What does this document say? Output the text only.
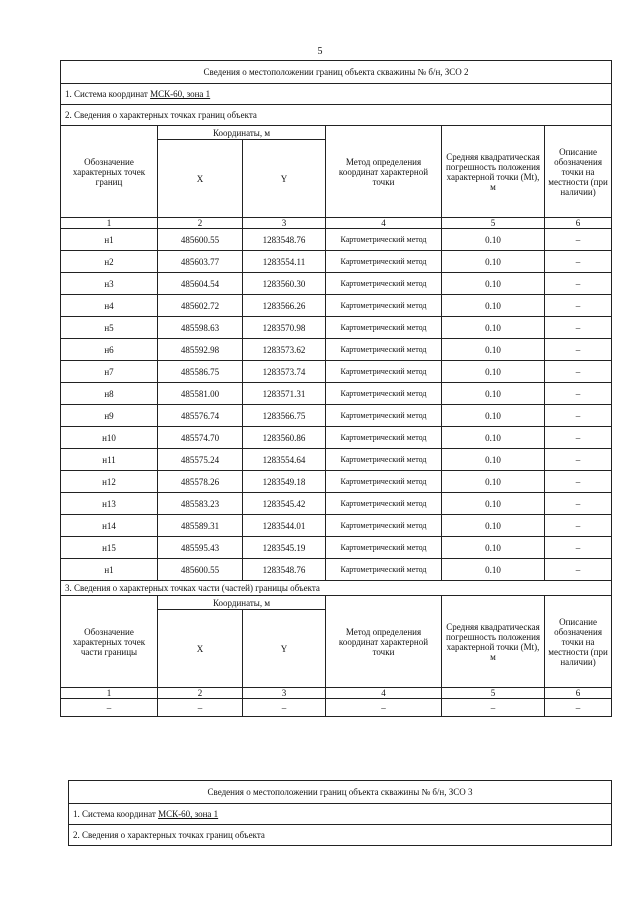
5
Сведения о местоположении границ объекта скважины № б/н, ЗСО 2					
1. Система координат МСК-60, зона 1					
2. Сведения о характерных точках границ объекта					
Обозначение характерных точек границ	Координаты, м		Метод определения координат характерной точки	Средняя квадратическая погрешность положения характерной точки (Mt), м	Описание обозначения точки на местности (при наличии)
	X	Y			
1	2	3	4	5	6
н1	485600.55	1283548.76	Картометрический метод	0.10	–
н2	485603.77	1283554.11	Картометрический метод	0.10	–
н3	485604.54	1283560.30	Картометрический метод	0.10	–
н4	485602.72	1283566.26	Картометрический метод	0.10	–
н5	485598.63	1283570.98	Картометрический метод	0.10	–
н6	485592.98	1283573.62	Картометрический метод	0.10	–
н7	485586.75	1283573.74	Картометрический метод	0.10	–
н8	485581.00	1283571.31	Картометрический метод	0.10	–
н9	485576.74	1283566.75	Картометрический метод	0.10	–
н10	485574.70	1283560.86	Картометрический метод	0.10	–
н11	485575.24	1283554.64	Картометрический метод	0.10	–
н12	485578.26	1283549.18	Картометрический метод	0.10	–
н13	485583.23	1283545.42	Картометрический метод	0.10	–
н14	485589.31	1283544.01	Картометрический метод	0.10	–
н15	485595.43	1283545.19	Картометрический метод	0.10	–
н1	485600.55	1283548.76	Картометрический метод	0.10	–
3. Сведения о характерных точках части (частей) границы объекта					
Обозначение характерных точек части границы	Координаты, м		Метод определения координат характерной точки	Средняя квадратическая погрешность положения характерной точки (Mt), м	Описание обозначения точки на местности (при наличии)
	X	Y			
1	2	3	4	5	6
–	–	–	–	–	–
Сведения о местоположении границ объекта скважины № б/н, ЗСО 3
1. Система координат МСК-60, зона 1
2. Сведения о характерных точках границ объекта
